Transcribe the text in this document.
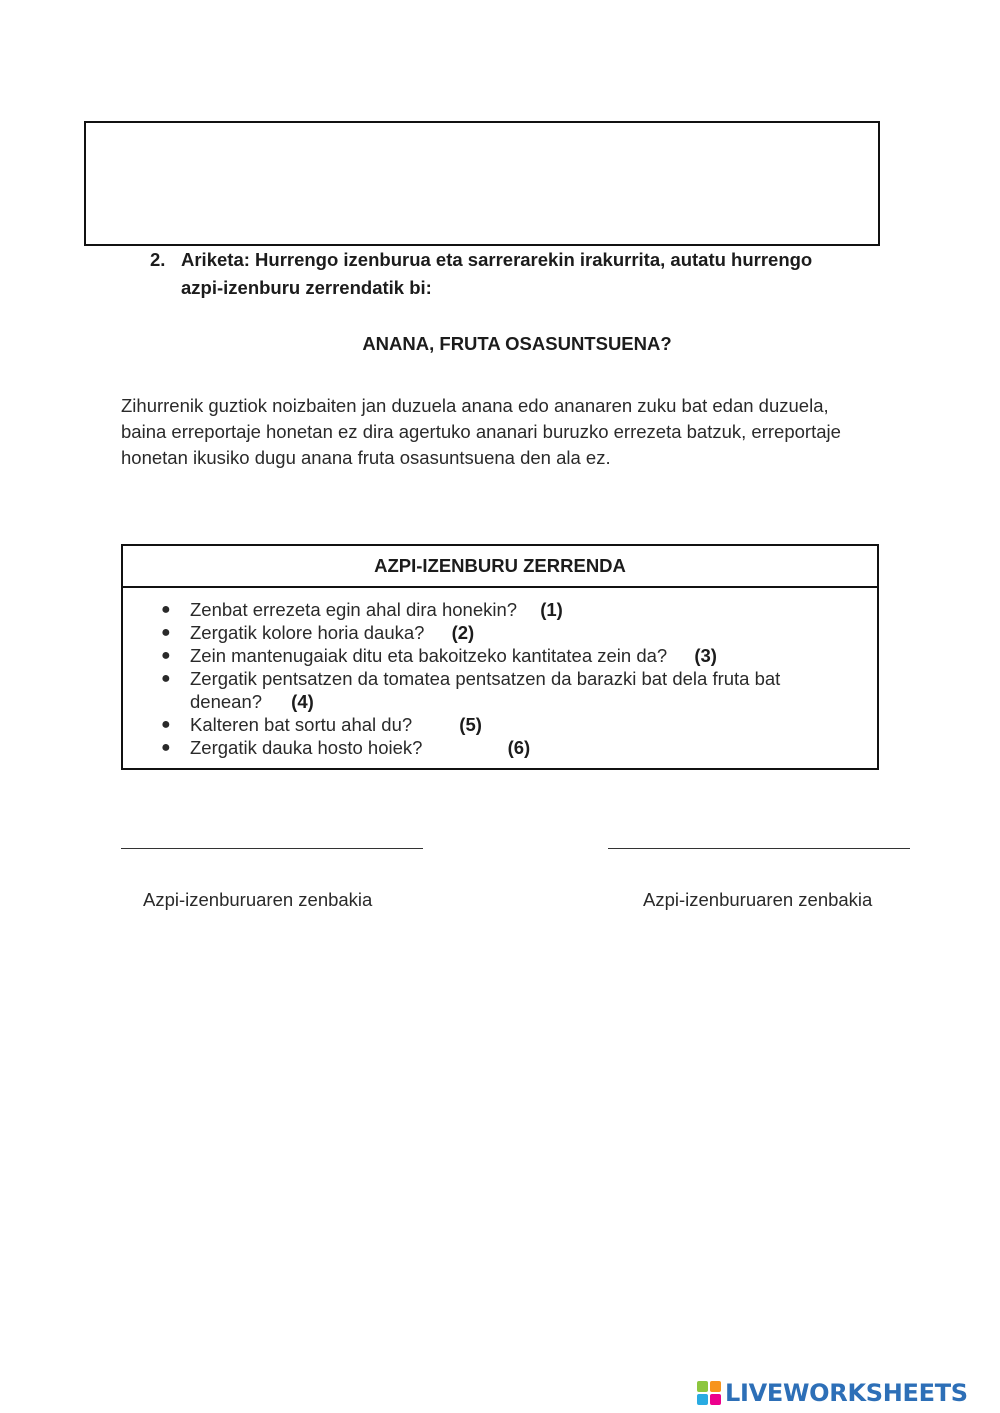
2. Ariketa: Hurrengo izenburua eta sarrerarekin irakurrita, autatu hurrengo
azpi-izenburu zerrendatik bi:
ANANA, FRUTA OSASUNTSUENA?
Zihurrenik guztiok noizbaiten jan duzuela anana edo ananaren zuku bat edan duzuela,
baina erreportaje honetan ez dira agertuko ananari buruzko errezeta batzuk, erreportaje
honetan ikusiko dugu anana fruta osasuntsuena den ala ez.
AZPI-IZENBURU ZERRENDA
● Zenbat errezeta egin ahal dira honekin? (1)
● Zergatik kolore horia dauka? (2)
● Zein mantenugaiak ditu eta bakoitzeko kantitatea zein da? (3)
● Zergatik pentsatzen da tomatea pentsatzen da barazki bat dela fruta bat
denean? (4)
● Kalteren bat sortu ahal du?	(5)
● Zergatik dauka hosto hoiek?	(6)
Azpi-izenburuaren zenbakia	Azpi-izenburuaren zenbakia
LIVEWORKSHEETS
